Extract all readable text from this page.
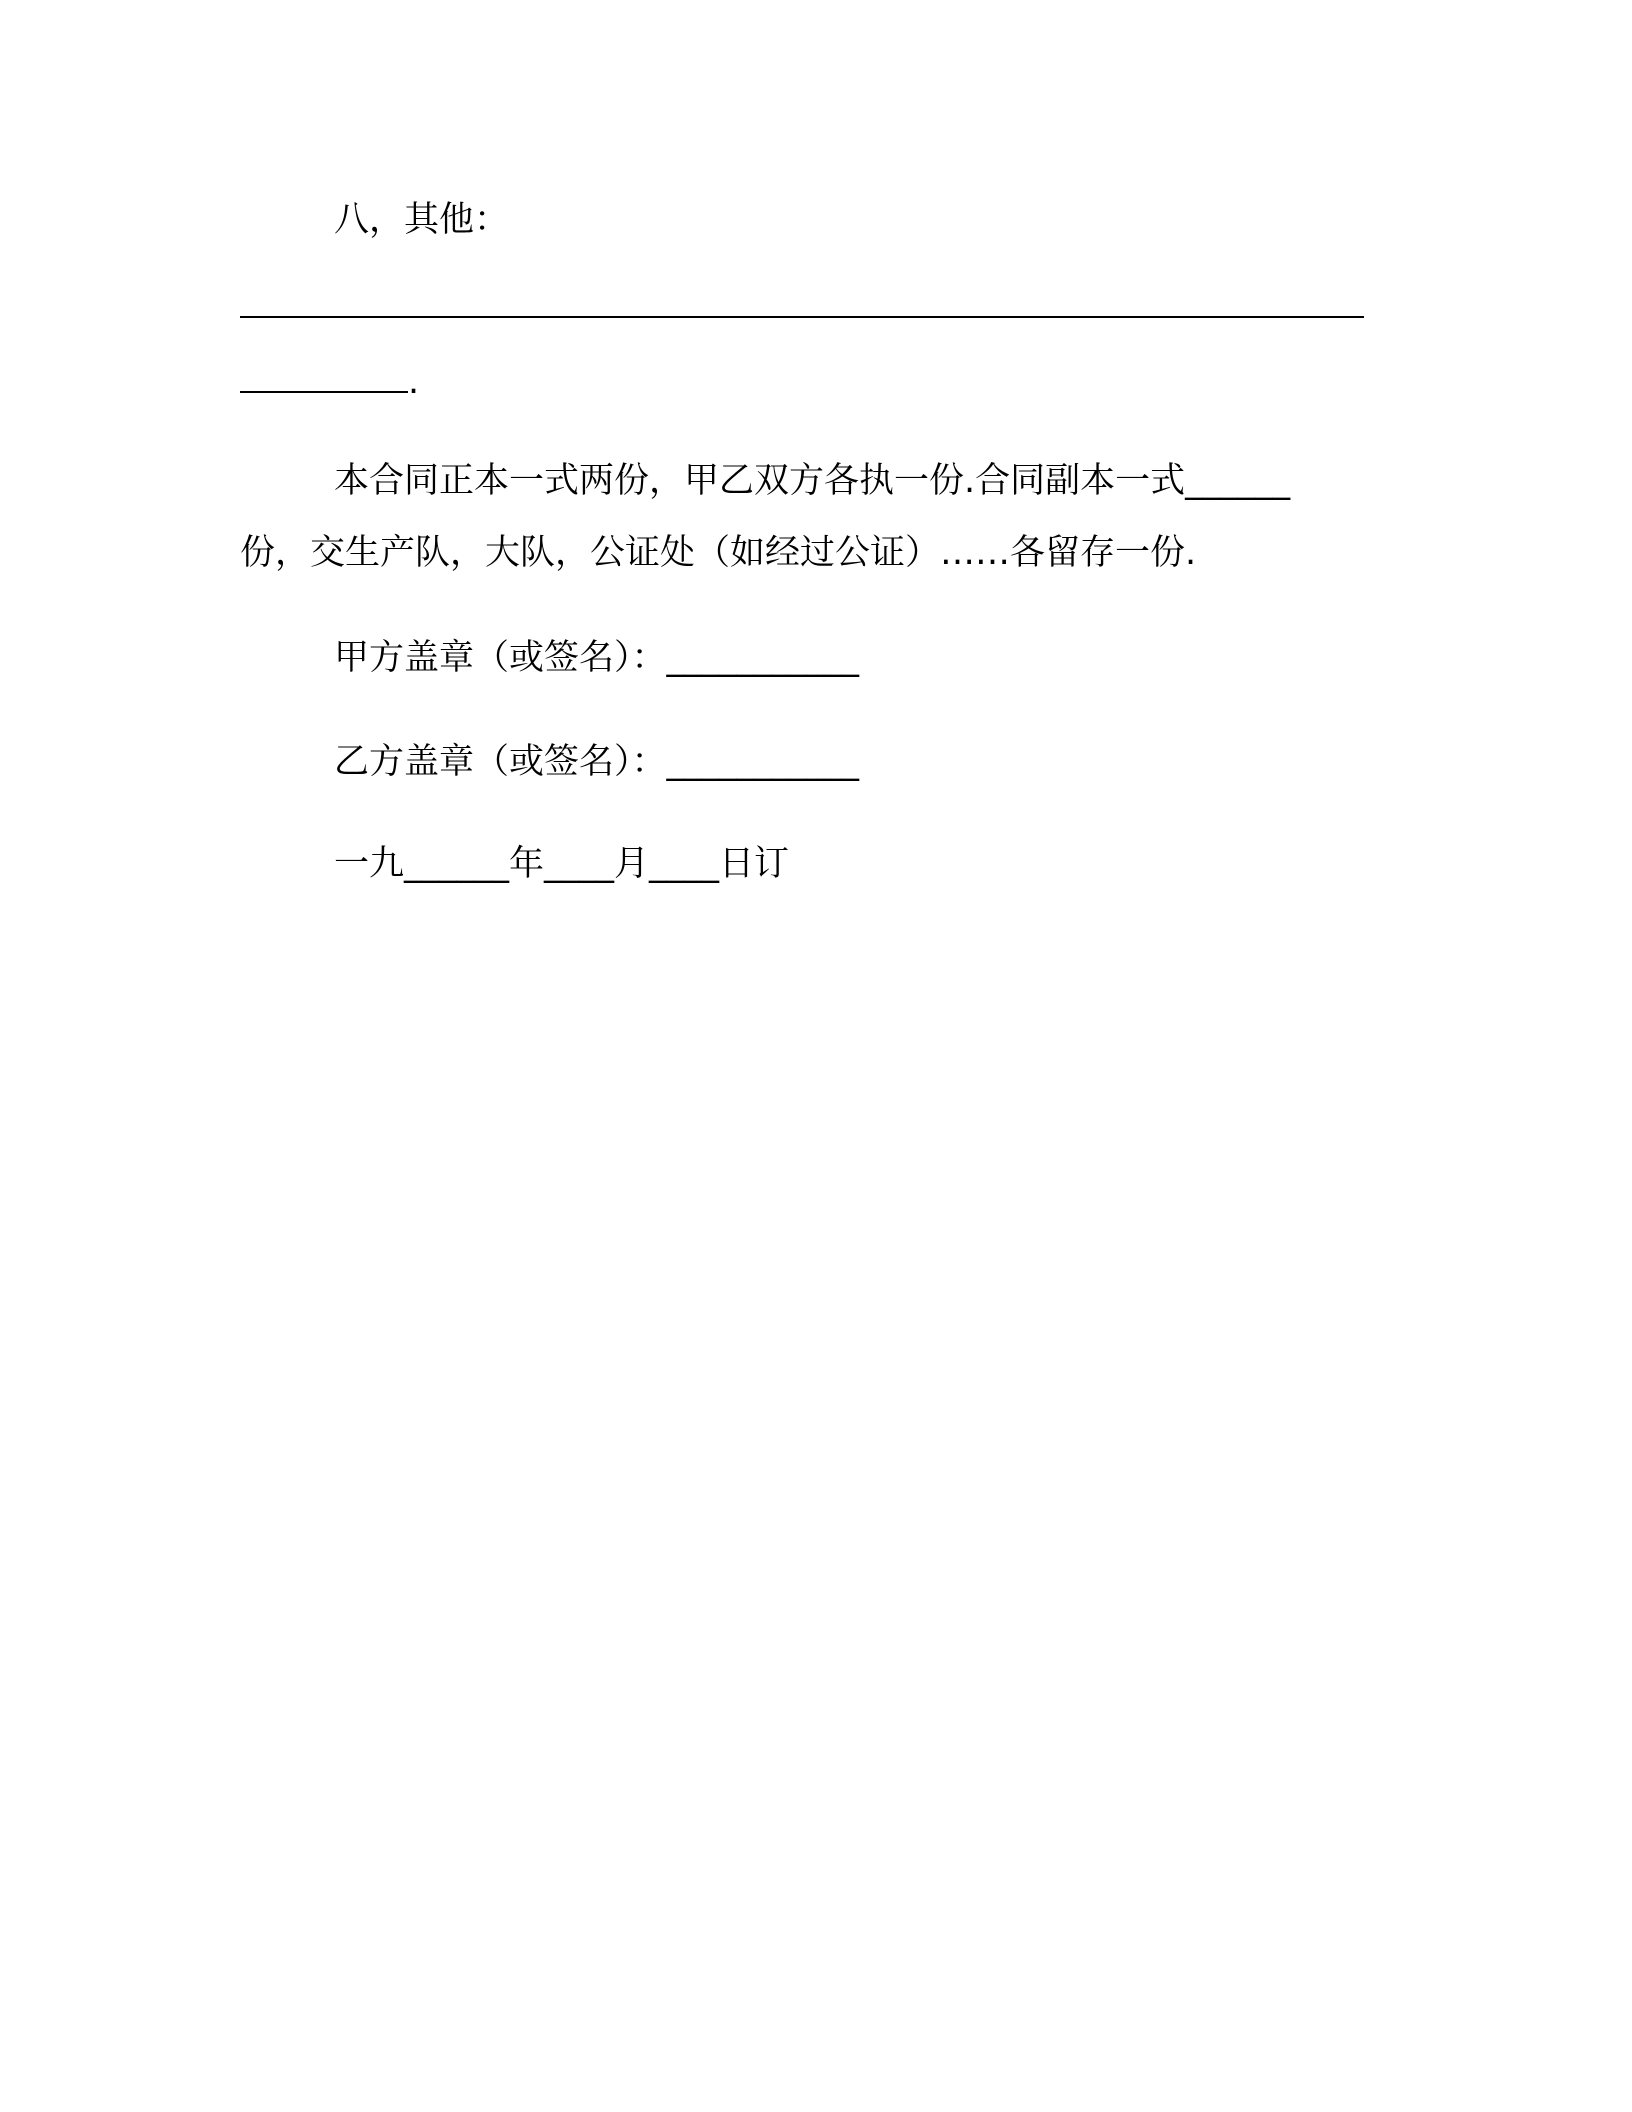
八，其他：
.
本合同正本一式两份，甲乙双方各执一份.合同副本一式______
份，交生产队，大队，公证处（如经过公证）……各留存一份.
甲方盖章（或签名）：___________
乙方盖章（或签名）：___________
一九______年____月____日订
